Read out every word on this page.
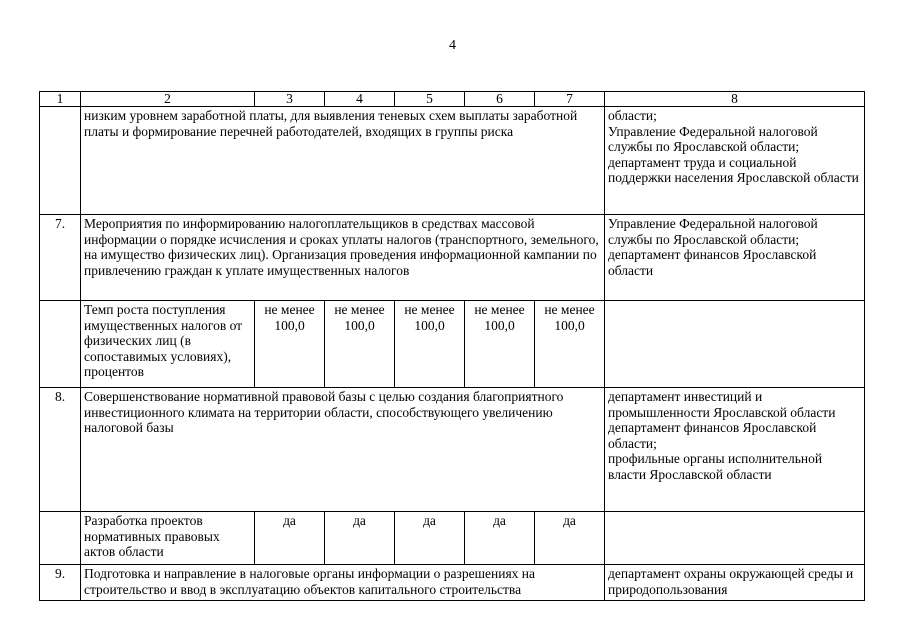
4
1	2	3	4	5	6	7	8
	низким уровнем заработной платы, для выявления теневых схем выплаты заработной платы и формирование перечней работодателей, входящих в группы риска						области;
Управление Федеральной налоговой службы по Ярославской области;
департамент труда и социальной поддержки населения Ярославской области
7.	Мероприятия по информированию налогоплательщиков в средствах массовой информации о порядке исчисления и сроках уплаты налогов (транспортного, земельного, на имущество физических лиц). Организация проведения информационной кампании по привлечению граждан к уплате имущественных налогов						Управление Федеральной налоговой службы по Ярославской области;
департамент финансов Ярославской области
	Темп роста поступления имущественных налогов от физических лиц (в сопоставимых условиях), процентов	не менее 100,0	не менее 100,0	не менее 100,0	не менее 100,0	не менее 100,0	
8.	Совершенствование нормативной правовой базы с целью создания благоприятного инвестиционного климата на территории области, способствующего увеличению налоговой базы						департамент инвестиций и промышленности Ярославской области
департамент финансов Ярославской области;
профильные органы исполнительной власти Ярославской области
	Разработка проектов нормативных правовых актов области	да	да	да	да	да	
9.	Подготовка и направление в налоговые органы информации о разрешениях на строительство и ввод в эксплуатацию объектов капитального строительства						департамент охраны окружающей среды и природопользования
